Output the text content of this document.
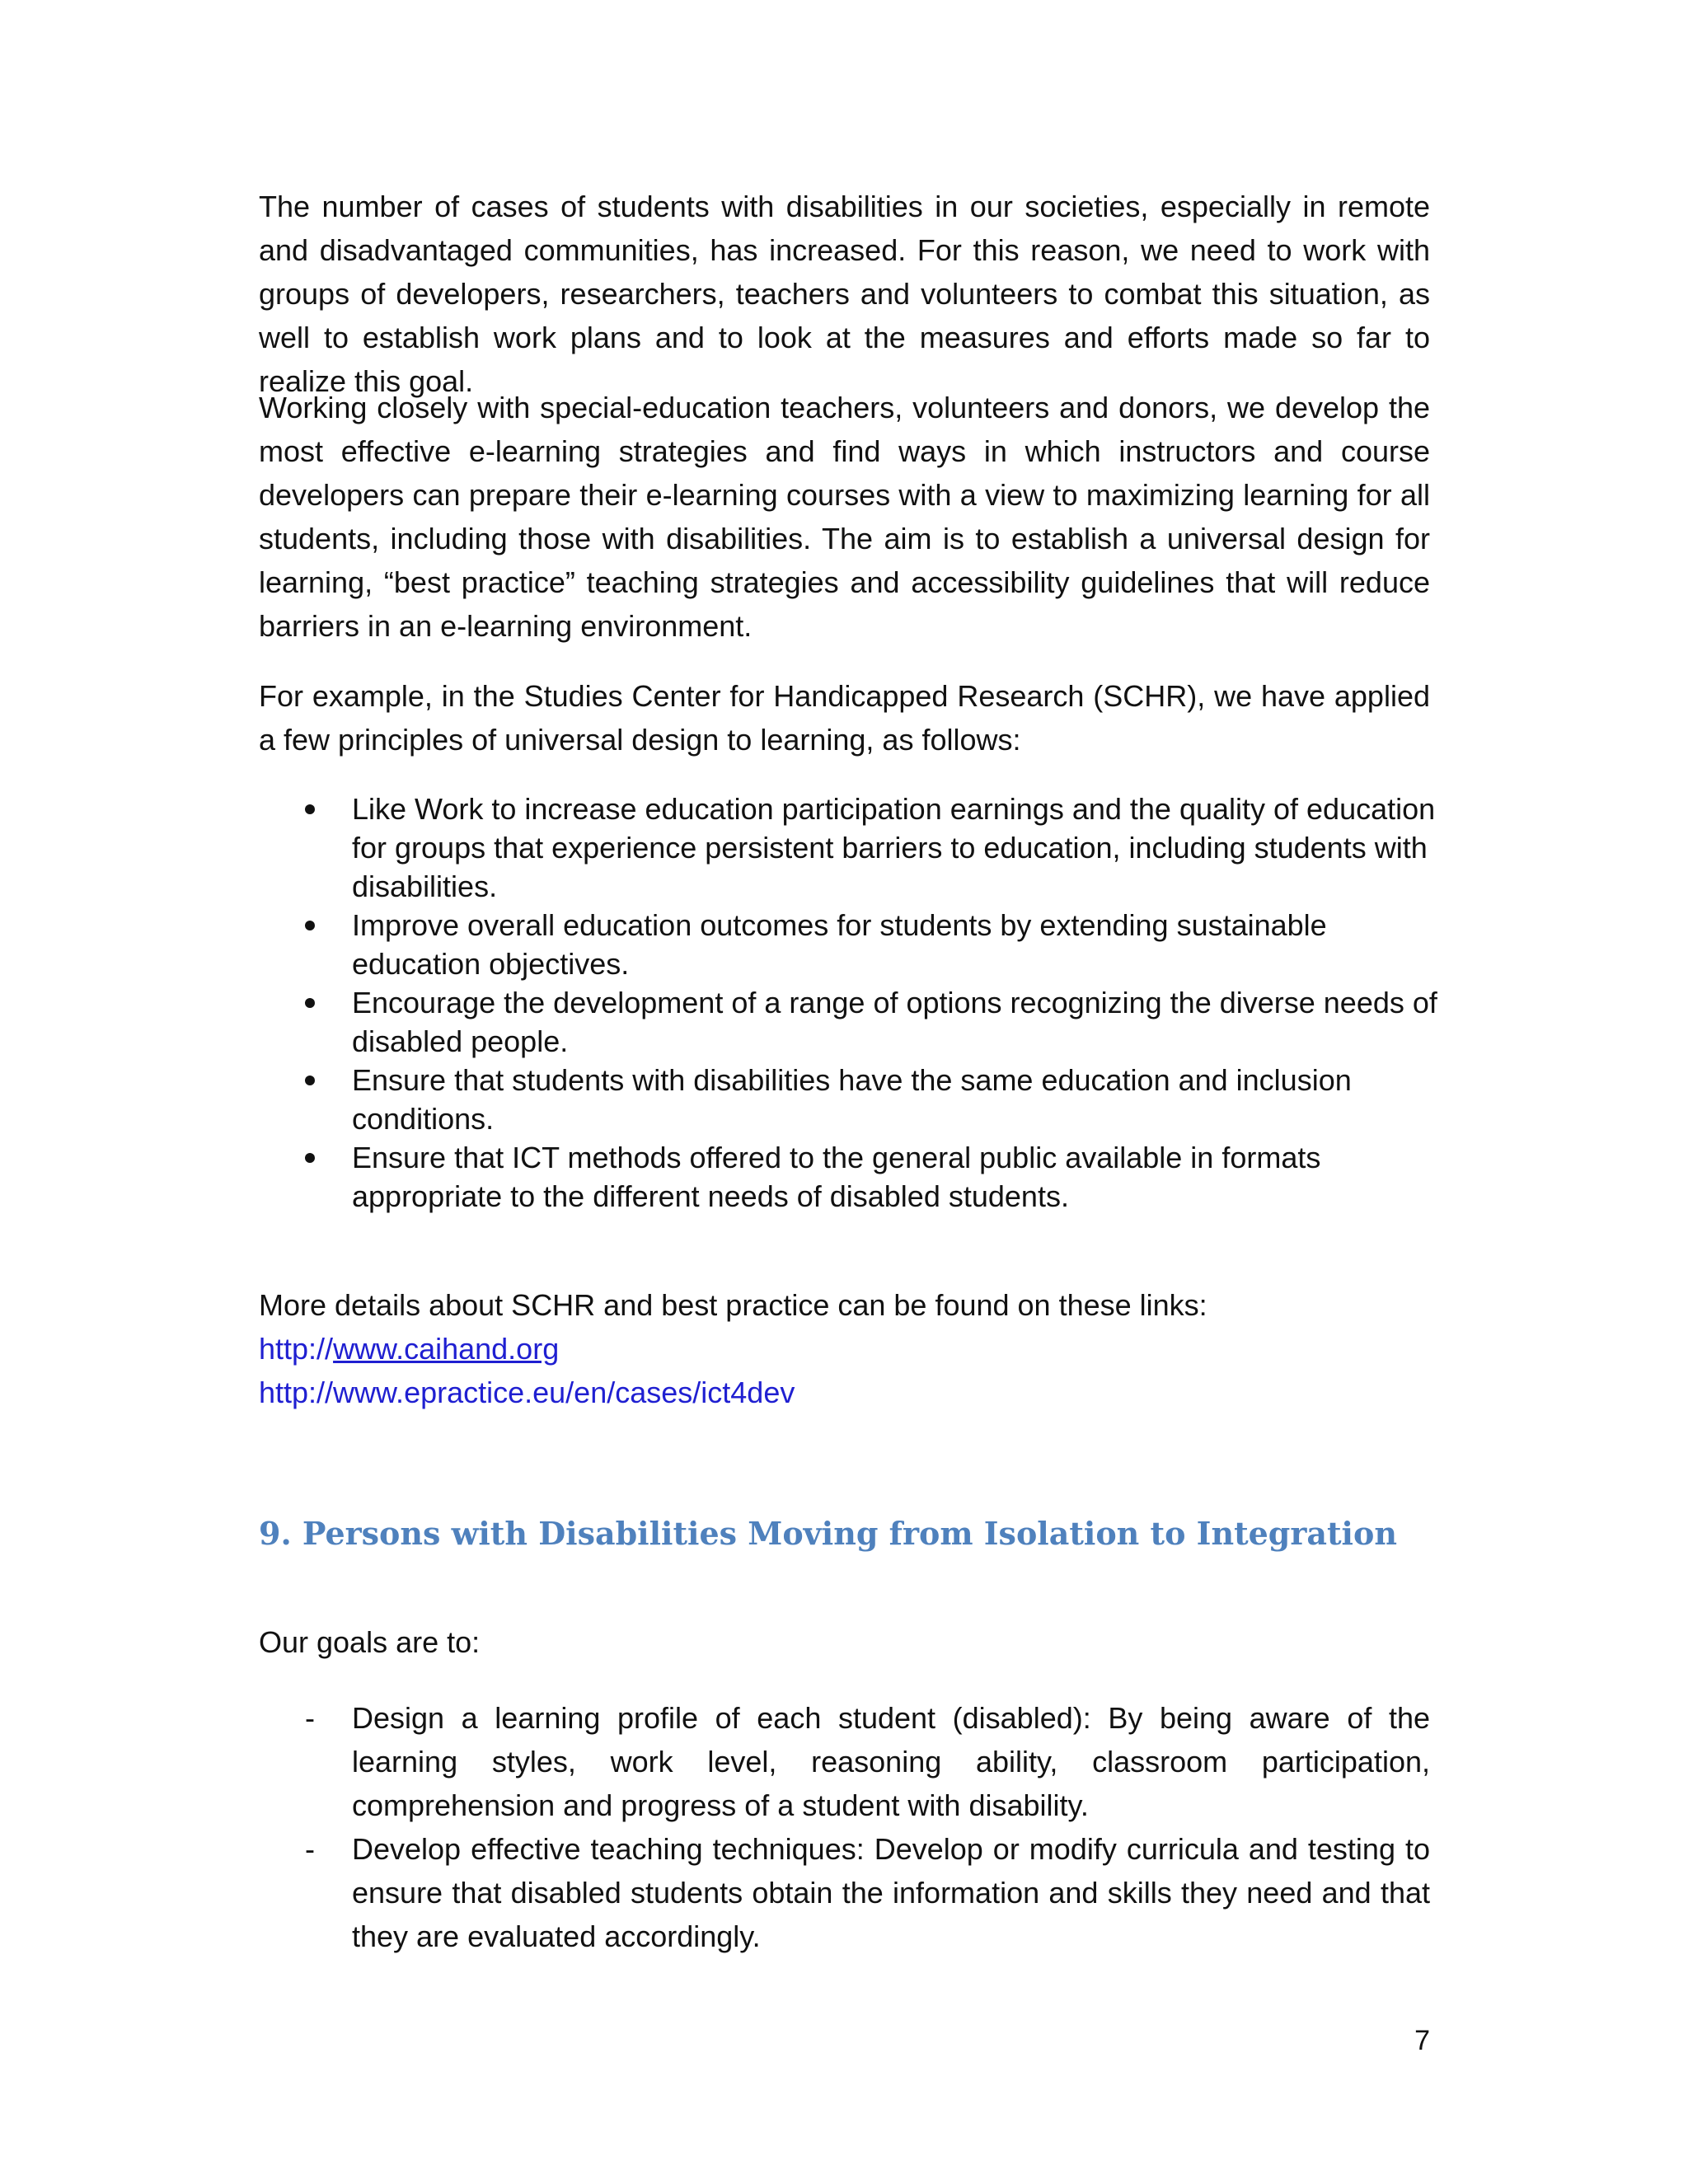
The number of cases of students with disabilities in our societies, especially in remote and disadvantaged communities, has increased. For this reason, we need to work with groups of developers, researchers, teachers and volunteers to combat this situation, as well to establish work plans and to look at the measures and efforts made so far to realize this goal.

Working closely with special-education teachers, volunteers and donors, we develop the most effective e-learning strategies and find ways in which instructors and course developers can prepare their e-learning courses with a view to maximizing learning for all students, including those with disabilities. The aim is to establish a universal design for learning, “best practice” teaching strategies and accessibility guidelines that will reduce barriers in an e-learning environment.

For example, in the Studies Center for Handicapped Research (SCHR), we have applied a few principles of universal design to learning, as follows:

Like Work to increase education participation earnings and the quality of education for groups that experience persistent barriers to education, including students with disabilities.
Improve overall education outcomes for students by extending sustainable education objectives.
Encourage the development of a range of options recognizing the diverse needs of disabled people.
Ensure that students with disabilities have the same education and inclusion conditions.
Ensure that ICT methods offered to the general public available in formats appropriate to the different needs of disabled students.
More details about SCHR and best practice can be found on these links:
http://www.caihand.org
http://www.epractice.eu/en/cases/ict4dev
9. Persons with Disabilities Moving from Isolation to Integration

Our goals are to:

- Design a learning profile of each student (disabled): By being aware of the learning styles, work level, reasoning ability, classroom participation, comprehension and progress of a student with disability.
- Develop effective teaching techniques: Develop or modify curricula and testing to ensure that disabled students obtain the information and skills they need and that they are evaluated accordingly.
7
